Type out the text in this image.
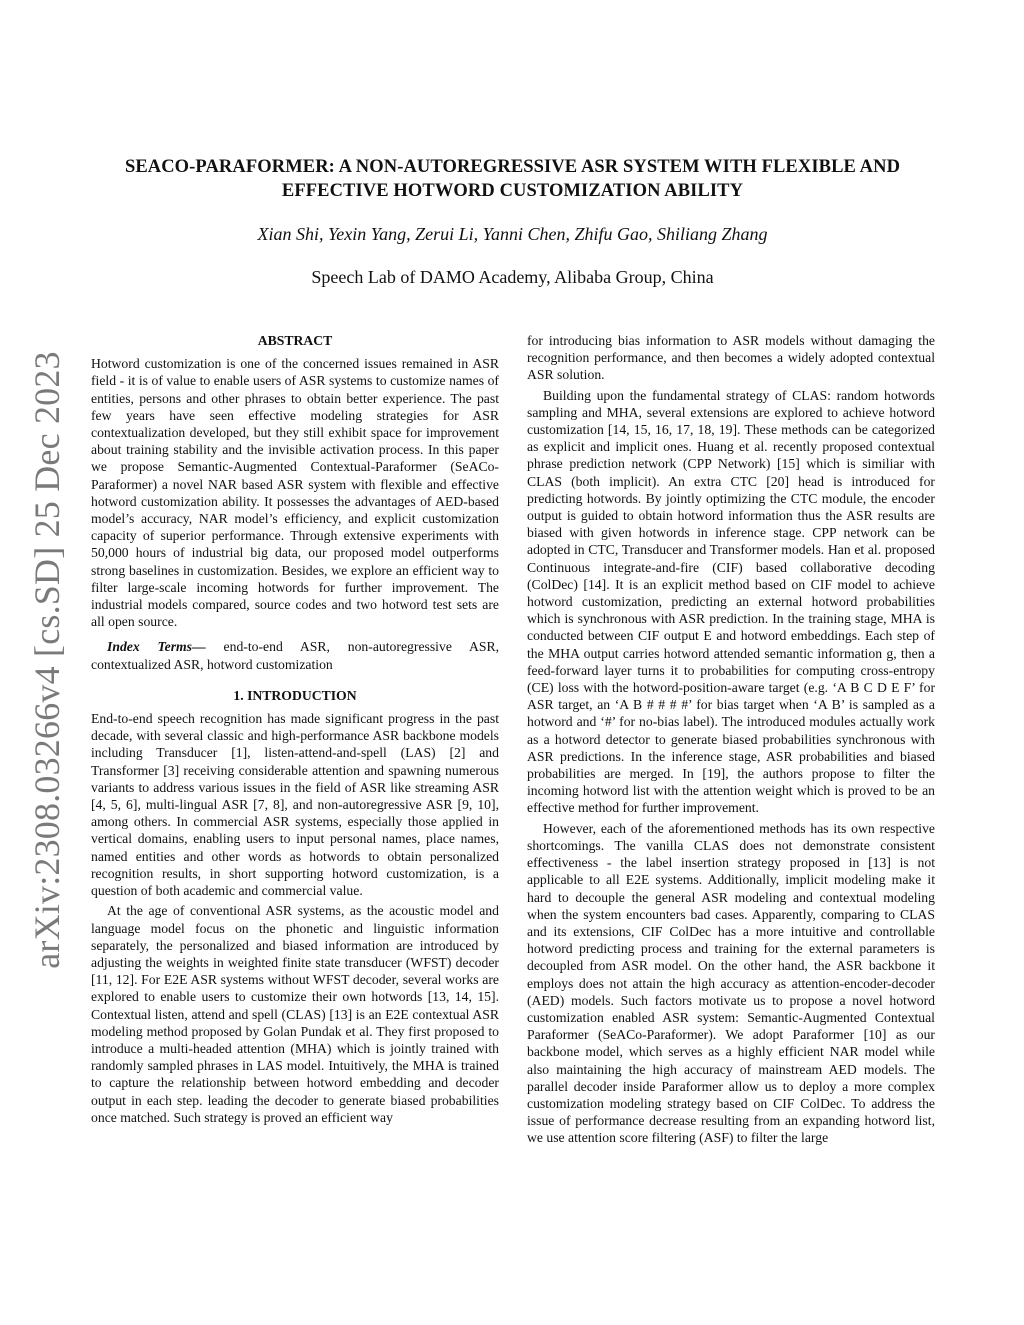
arXiv:2308.03266v4 [cs.SD] 25 Dec 2023
SEACO-PARAFORMER: A NON-AUTOREGRESSIVE ASR SYSTEM WITH FLEXIBLE AND
EFFECTIVE HOTWORD CUSTOMIZATION ABILITY
Xian Shi, Yexin Yang, Zerui Li, Yanni Chen, Zhifu Gao, Shiliang Zhang
Speech Lab of DAMO Academy, Alibaba Group, China
ABSTRACT

Hotword customization is one of the concerned issues remained in ASR field - it is of value to enable users of ASR systems to customize names of entities, persons and other phrases to obtain better experience. The past few years have seen effective modeling strategies for ASR contextualization developed, but they still exhibit space for improvement about training stability and the invisible activation process. In this paper we propose Semantic-Augmented Contextual-Paraformer (SeACo-Paraformer) a novel NAR based ASR system with flexible and effective hotword customization ability. It possesses the advantages of AED-based model’s accuracy, NAR model’s efficiency, and explicit customization capacity of superior performance. Through extensive experiments with 50,000 hours of industrial big data, our proposed model outperforms strong baselines in customization. Besides, we explore an efficient way to filter large-scale incoming hotwords for further improvement. The industrial models compared, source codes and two hotword test sets are all open source.

Index Terms— end-to-end ASR, non-autoregressive ASR, contextualized ASR, hotword customization

1. INTRODUCTION

End-to-end speech recognition has made significant progress in the past decade, with several classic and high-performance ASR backbone models including Transducer [1], listen-attend-and-spell (LAS) [2] and Transformer [3] receiving considerable attention and spawning numerous variants to address various issues in the field of ASR like streaming ASR [4, 5, 6], multi-lingual ASR [7, 8], and non-autoregressive ASR [9, 10], among others. In commercial ASR systems, especially those applied in vertical domains, enabling users to input personal names, place names, named entities and other words as hotwords to obtain personalized recognition results, in short supporting hotword customization, is a question of both academic and commercial value.

At the age of conventional ASR systems, as the acoustic model and language model focus on the phonetic and linguistic information separately, the personalized and biased information are introduced by adjusting the weights in weighted finite state transducer (WFST) decoder [11, 12]. For E2E ASR systems without WFST decoder, several works are explored to enable users to customize their own hotwords [13, 14, 15]. Contextual listen, attend and spell (CLAS) [13] is an E2E contextual ASR modeling method proposed by Golan Pundak et al. They first proposed to introduce a multi-headed attention (MHA) which is jointly trained with randomly sampled phrases in LAS model. Intuitively, the MHA is trained to capture the relationship between hotword embedding and decoder output in each step. leading the decoder to generate biased probabilities once matched. Such strategy is proved an efficient way

for introducing bias information to ASR models without damaging the recognition performance, and then becomes a widely adopted contextual ASR solution.

Building upon the fundamental strategy of CLAS: random hotwords sampling and MHA, several extensions are explored to achieve hotword customization [14, 15, 16, 17, 18, 19]. These methods can be categorized as explicit and implicit ones. Huang et al. recently proposed contextual phrase prediction network (CPP Network) [15] which is similiar with CLAS (both implicit). An extra CTC [20] head is introduced for predicting hotwords. By jointly optimizing the CTC module, the encoder output is guided to obtain hotword information thus the ASR results are biased with given hotwords in inference stage. CPP network can be adopted in CTC, Transducer and Transformer models. Han et al. proposed Continuous integrate-and-fire (CIF) based collaborative decoding (ColDec) [14]. It is an explicit method based on CIF model to achieve hotword customization, predicting an external hotword probabilities which is synchronous with ASR prediction. In the training stage, MHA is conducted between CIF output E and hotword embeddings. Each step of the MHA output carries hotword attended semantic information g, then a feed-forward layer turns it to probabilities for computing cross-entropy (CE) loss with the hotword-position-aware target (e.g. ‘A B C D E F’ for ASR target, an ‘A B # # # #’ for bias target when ‘A B’ is sampled as a hotword and ‘#’ for no-bias label). The introduced modules actually work as a hotword detector to generate biased probabilities synchronous with ASR predictions. In the inference stage, ASR probabilities and biased probabilities are merged. In [19], the authors propose to filter the incoming hotword list with the attention weight which is proved to be an effective method for further improvement.

However, each of the aforementioned methods has its own respective shortcomings. The vanilla CLAS does not demonstrate consistent effectiveness - the label insertion strategy proposed in [13] is not applicable to all E2E systems. Additionally, implicit modeling make it hard to decouple the general ASR modeling and contextual modeling when the system encounters bad cases. Apparently, comparing to CLAS and its extensions, CIF ColDec has a more intuitive and controllable hotword predicting process and training for the external parameters is decoupled from ASR model. On the other hand, the ASR backbone it employs does not attain the high accuracy as attention-encoder-decoder (AED) models. Such factors motivate us to propose a novel hotword customization enabled ASR system: Semantic-Augmented Contextual Paraformer (SeACo-Paraformer). We adopt Paraformer [10] as our backbone model, which serves as a highly efficient NAR model while also maintaining the high accuracy of mainstream AED models. The parallel decoder inside Paraformer allow us to deploy a more complex customization modeling strategy based on CIF ColDec. To address the issue of performance decrease resulting from an expanding hotword list, we use attention score filtering (ASF) to filter the large
